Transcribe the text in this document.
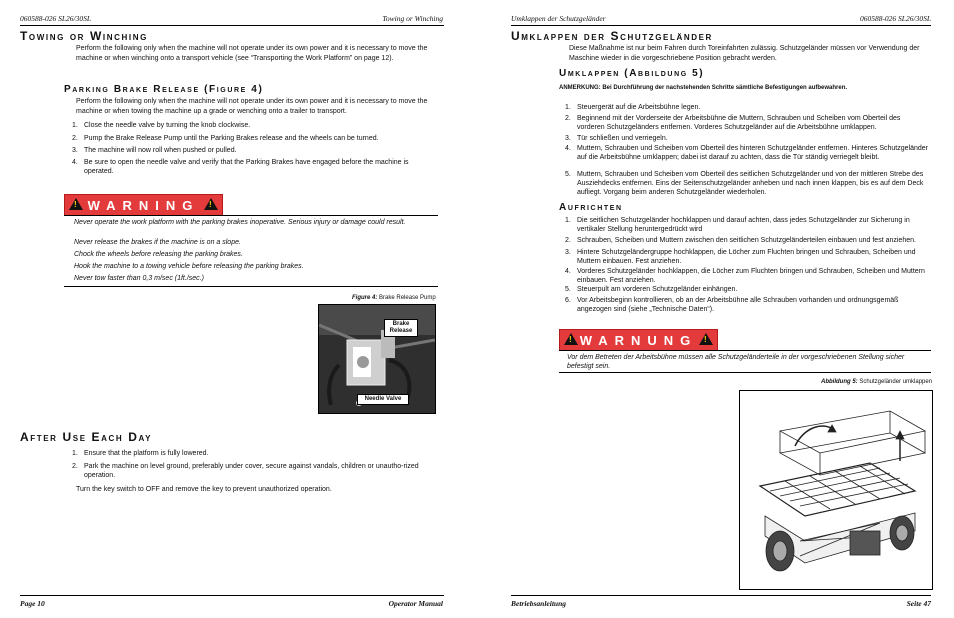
060588-026 SL26/30SL	Towing or Winching
Towing or Winching
Perform the following only when the machine will not operate under its own power and it is necessary to move the machine or when winching onto a transport vehicle (see “Transporting the Work Platform” on page 12).
Parking Brake Release (Figure 4)
Perform the following only when the machine will not operate under its own power and it is necessary to move the machine or when towing the machine up a grade or wenching onto a trailer to transport.
1. Close the needle valve by turning the knob clockwise.
2. Pump the Brake Release Pump until the Parking Brakes release and the wheels can be turned.
3. The machine will now roll when pushed or pulled.
4. Be sure to open the needle valve and verify that the Parking Brakes have engaged before the machine is operated.
! WARNING	!
Never operate the work platform with the parking brakes inoperative. Serious injury or damage could result.
Never release the brakes if the machine is on a slope.
Chock the wheels before releasing the parking brakes.
Hook the machine to a towing vehicle before releasing the parking brakes.
Never tow faster than 0,3 m/sec (1ft./sec.)
Figure 4: Brake Release Pump
Brake Release
Needle Valve
After Use Each Day
1. Ensure that the platform is fully lowered.
2. Park the machine on level ground, preferably under cover, secure against vandals, children or unautho-rized operation.
Turn the key switch to OFF and remove the key to prevent unauthorized operation.
Page 10	Operator Manual
Umklappen der Schutzgeländer	060588-026 SL26/30SL
Umklappen der Schutzgeländer
Diese Maßnahme ist nur beim Fahren durch Toreinfahrten zulässig. Schutzgeländer müssen vor Verwendung der Maschine wieder in die vorgeschriebene Position gebracht werden.
Umklappen (Abbildung 5)
ANMERKUNG: Bei Durchführung der nachstehenden Schritte sämtliche Befestigungen aufbewahren.
1. Steuergerät auf die Arbeitsbühne legen.
2. Beginnend mit der Vorderseite der Arbeitsbühne die Muttern, Schrauben und Scheiben vom Oberteil des vorderen Schutzgeländers entfernen. Vorderes Schutzgeländer auf die Arbeitsbühne umklappen.
3. Tür schließen und verriegeln.
4. Muttern, Schrauben und Scheiben vom Oberteil des hinteren Schutzgeländer entfernen. Hinteres Schutzgeländer auf die Arbeitsbühne umklappen; dabei ist darauf zu achten, dass die Tür ständig verriegelt bleibt.
5. Muttern, Schrauben und Scheiben vom Oberteil des seitlichen Schutzgeländer und von der mittleren Strebe des Ausziehdecks entfernen. Eins der Seitenschutzgeländer anheben und nach innen klappen, bis es auf dem Deck aufliegt. Vorgang beim anderen Schutzgeländer wiederholen.
Aufrichten
1. Die seitlichen Schutzgeländer hochklappen und darauf achten, dass jedes Schutzgeländer zur Sicherung in vertikaler Stellung heruntergedrückt wird
2. Schrauben, Scheiben und Muttern zwischen den seitlichen Schutzgeländerteilen einbauen und fest anziehen.
3. Hintere Schutzgeländergruppe hochklappen, die Löcher zum Fluchten bringen und Schrauben, Scheiben und Muttern einbauen. Fest anziehen.
4. Vorderes Schutzgeländer hochklappen, die Löcher zum Fluchten bringen und Schrauben, Scheiben und Muttern einbauen. Fest anziehen.
5. Steuerpult am vorderen Schutzgeländer einhängen.
6. Vor Arbeitsbeginn kontrollieren, ob an der Arbeitsbühne alle Schrauben vorhanden und ordnungsgemäß angezogen sind (siehe „Technische Daten“).
! WARNUNG !
Vor dem Betreten der Arbeitsbühne müssen alle Schutzgeländerteile in der vorgeschriebenen Stellung sicher befestigt sein.
Abbildung 5: Schutzgeländer umklappen
Betriebsanleitung	Seite 47
